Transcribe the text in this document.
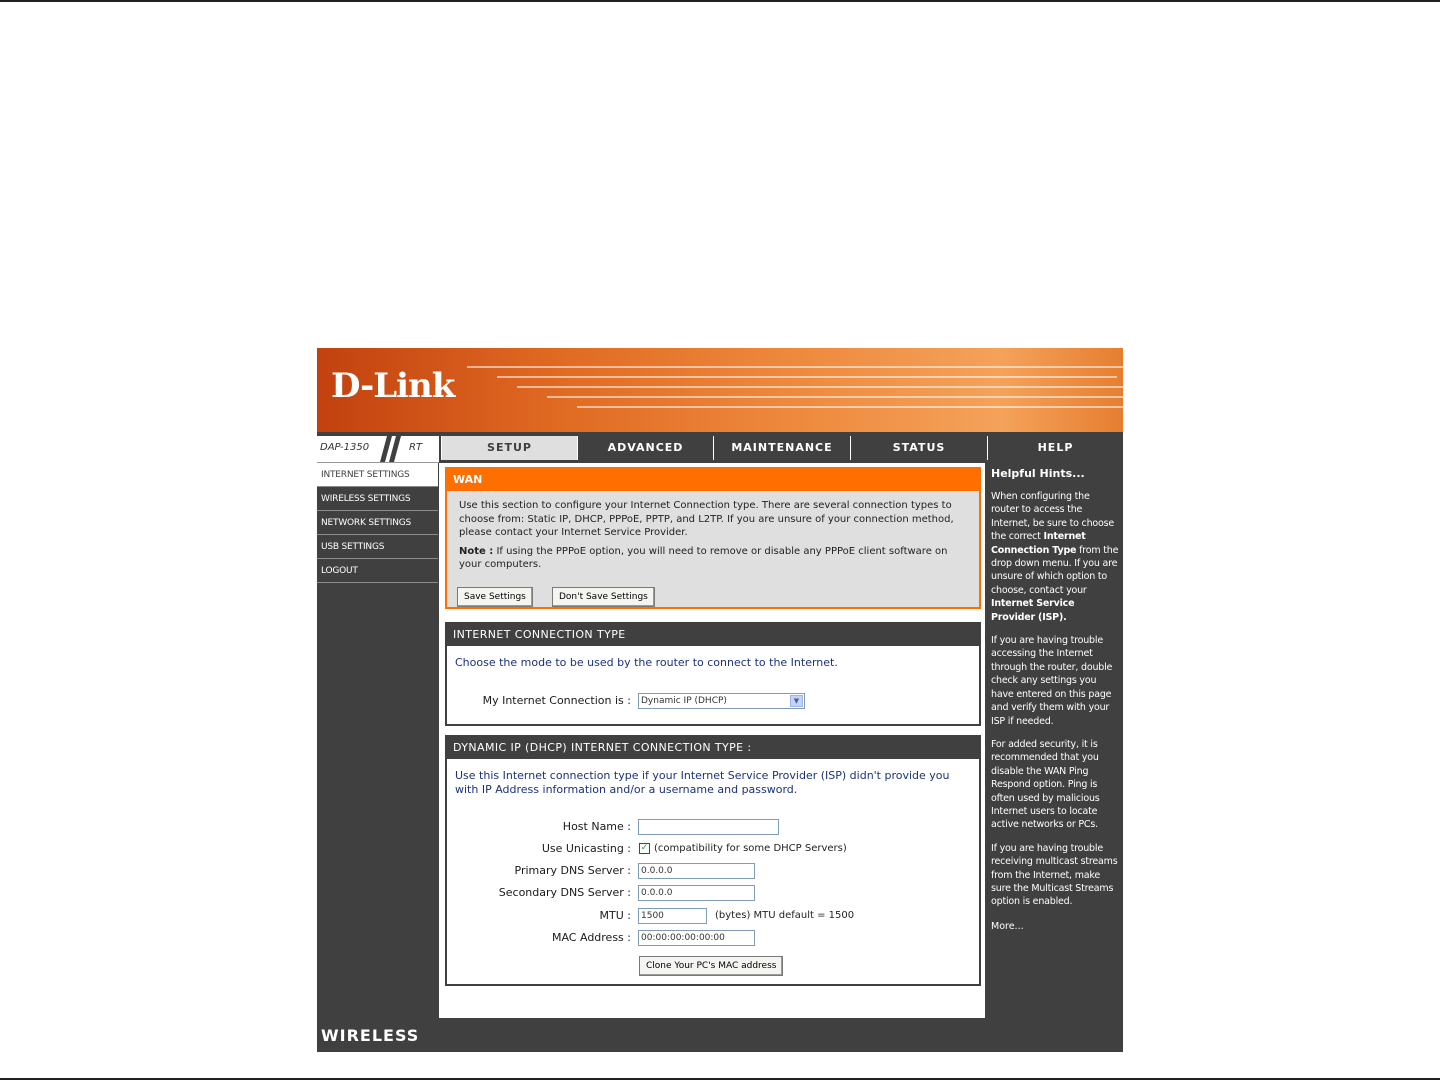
D-Link
DAP-1350	RT	SETUP	ADVANCED	MAINTENANCE	STATUS	HELP
INTERNET SETTINGS
WIRELESS SETTINGS
NETWORK SETTINGS
USB SETTINGS
LOGOUT
WAN
Use this section to configure your Internet Connection type. There are several connection types to choose from: Static IP, DHCP, PPPoE, PPTP, and L2TP. If you are unsure of your connection method, please contact your Internet Service Provider.
Note : If using the PPPoE option, you will need to remove or disable any PPPoE client software on your computers.
Save Settings	Don't Save Settings
INTERNET CONNECTION TYPE
Choose the mode to be used by the router to connect to the Internet.
My Internet Connection is :	Dynamic IP (DHCP)	▼
DYNAMIC IP (DHCP) INTERNET CONNECTION TYPE :
Use this Internet connection type if your Internet Service Provider (ISP) didn't provide you with IP Address information and/or a username and password.
Host Name :
Use Unicasting : ✓ (compatibility for some DHCP Servers)
Primary DNS Server :	0.0.0.0
Secondary DNS Server :	0.0.0.0
MTU :	1500	(bytes) MTU default = 1500
MAC Address :	00:00:00:00:00:00
Clone Your PC's MAC address
Helpful Hints...
When configuring the router to access the Internet, be sure to choose the correct Internet Connection Type from the drop down menu. If you are unsure of which option to choose, contact your Internet Service Provider (ISP).
If you are having trouble accessing the Internet through the router, double check any settings you have entered on this page and verify them with your ISP if needed.
For added security, it is recommended that you disable the WAN Ping Respond option. Ping is often used by malicious Internet users to locate active networks or PCs.
If you are having trouble receiving multicast streams from the Internet, make sure the Multicast Streams option is enabled.
More...
WIRELESS
